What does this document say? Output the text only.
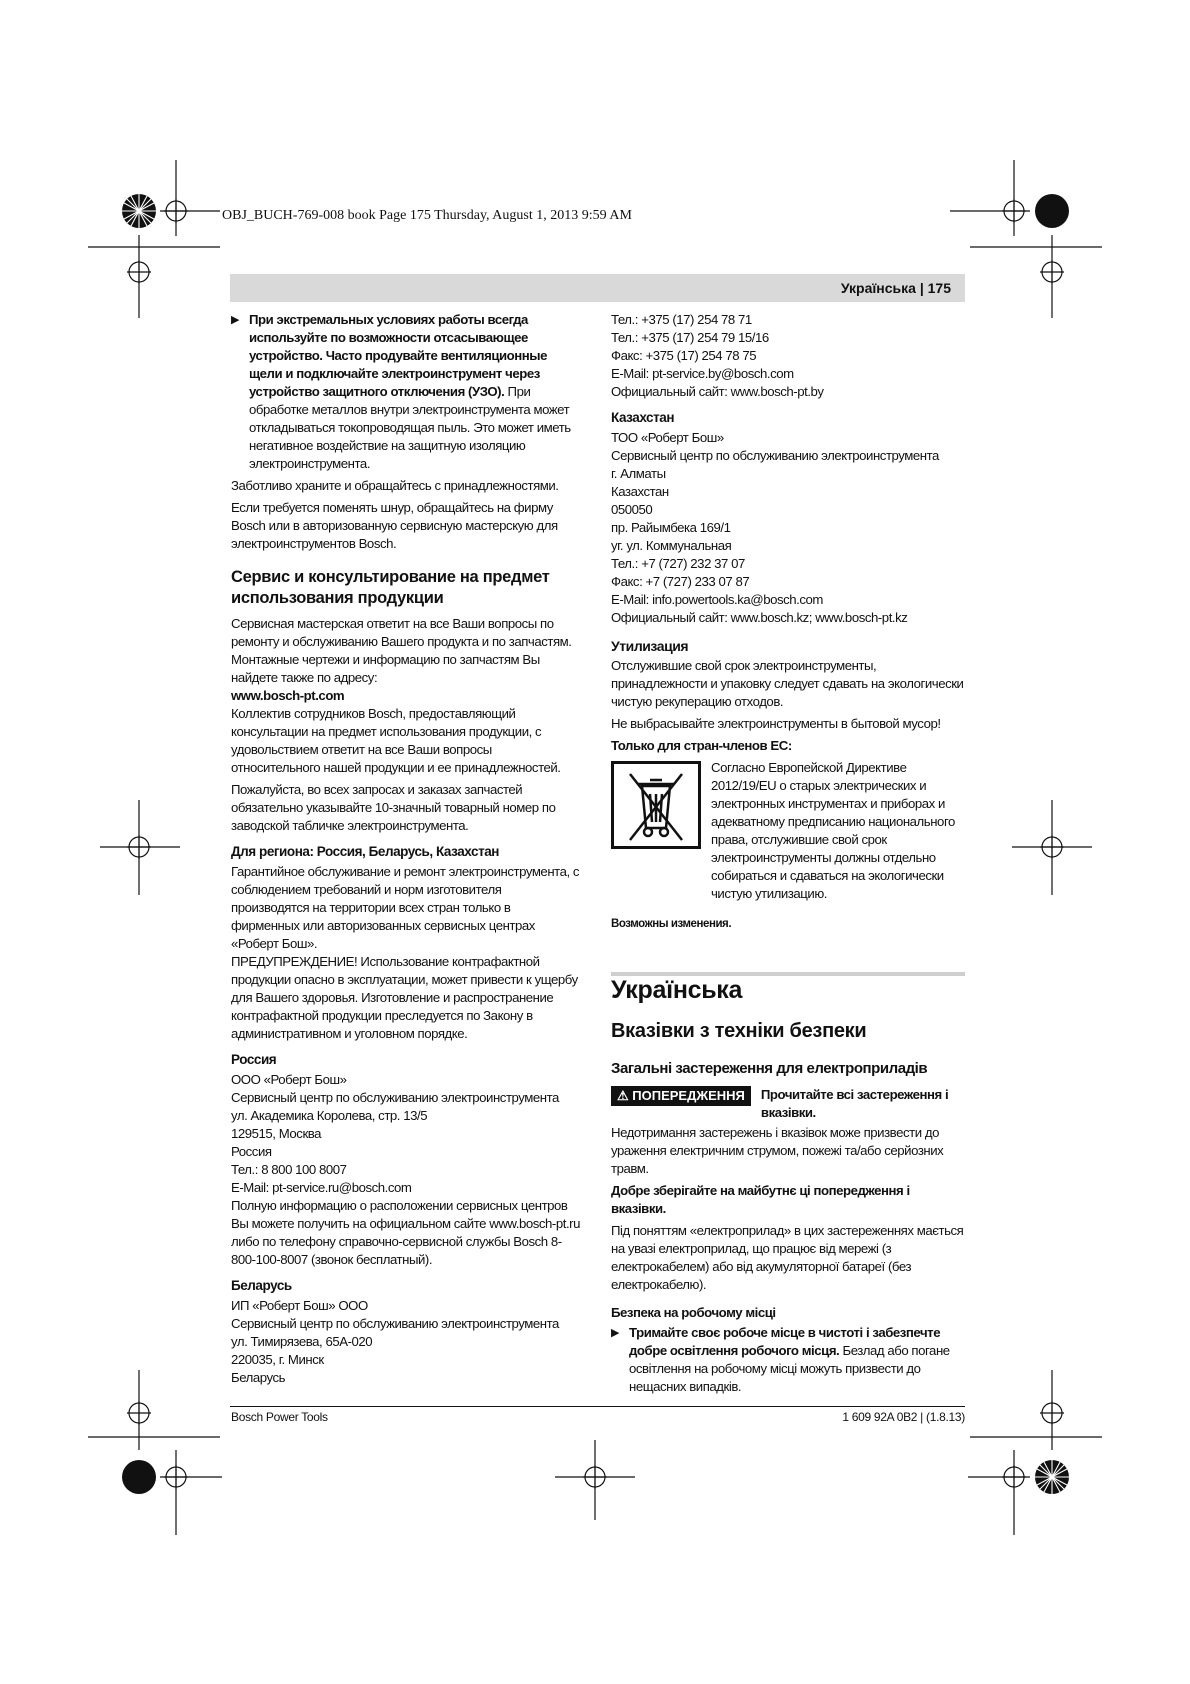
OBJ_BUCH-769-008 book Page 175 Thursday, August 1, 2013 9:59 AM
Українська | 175
▶ При экстремальных условиях работы всегда используйте по возможности отсасывающее устройство. Часто продувайте вентиляционные щели и подключайте электроинструмент через устройство защитного отключения (УЗО). При обработке металлов внутри электроинструмента может откладываться токопроводящая пыль. Это может иметь негативное воздействие на защитную изоляцию электроинструмента.

Заботливо храните и обращайтесь с принадлежностями.

Если требуется поменять шнур, обращайтесь на фирму Bosch или в авторизованную сервисную мастерскую для электроинструментов Bosch.

Сервис и консультирование на предмет использования продукции

Сервисная мастерская ответит на все Ваши вопросы по ремонту и обслуживанию Вашего продукта и по запчастям. Монтажные чертежи и информацию по запчастям Вы найдете также по адресу:

www.bosch-pt.com

Коллектив сотрудников Bosch, предоставляющий консультации на предмет использования продукции, с удовольствием ответит на все Ваши вопросы относительного нашей продукции и ее принадлежностей.

Пожалуйста, во всех запросах и заказах запчастей обязательно указывайте 10-значный товарный номер по заводской табличке электроинструмента.

Для региона: Россия, Беларусь, Казахстан

Гарантийное обслуживание и ремонт электроинструмента, с соблюдением требований и норм изготовителя производятся на территории всех стран только в фирменных или авторизованных сервисных центрах «Роберт Бош».

ПРЕДУПРЕЖДЕНИЕ! Использование контрафактной продукции опасно в эксплуатации, может привести к ущербу для Вашего здоровья. Изготовление и распространение контрафактной продукции преследуется по Закону в административном и уголовном порядке.

Россия
ООО «Роберт Бош»
Сервисный центр по обслуживанию электроинструмента
ул. Академика Королева, стр. 13/5
129515, Москва
Россия
Тел.: 8 800 100 8007
E-Mail: pt-service.ru@bosch.com

Полную информацию о расположении сервисных центров Вы можете получить на официальном сайте www.bosch-pt.ru либо по телефону справочно-сервисной службы Bosch 8-800-100-8007 (звонок бесплатный).

Беларусь
ИП «Роберт Бош» ООО
Сервисный центр по обслуживанию электроинструмента
ул. Тимирязева, 65А-020
220035, г. Минск
Беларусь
Тел.: +375 (17) 254 78 71
Тел.: +375 (17) 254 79 15/16
Факс: +375 (17) 254 78 75
E-Mail: pt-service.by@bosch.com
Официальный сайт: www.bosch-pt.by
Казахстан
ТОО «Роберт Бош»
Сервисный центр по обслуживанию электроинструмента
г. Алматы
Казахстан
050050
пр. Райымбека 169/1
уг. ул. Коммунальная
Тел.: +7 (727) 232 37 07
Факс: +7 (727) 233 07 87
E-Mail: info.powertools.ka@bosch.com
Официальный сайт: www.bosch.kz; www.bosch-pt.kz
Утилизация

Отслужившие свой срок электроинструменты, принадлежности и упаковку следует сдавать на экологически чистую рекуперацию отходов.

Не выбрасывайте электроинструменты в бытовой мусор!

Только для стран-членов ЕС:
Согласно Европейской Директиве 2012/19/EU о старых электрических и электронных инструментах и приборах и адекватному предписанию национального права, отслужившие свой срок электроинструменты должны отдельно собираться и сдаваться на экологически чистую утилизацию.
Возможны изменения.
Українська
Вказівки з техніки безпеки
Загальні застереження для електроприладів
⚠ ПОПЕРЕДЖЕННЯ	Прочитайте всі застереження і вказівки.

Недотримання застережень і вказівок може призвести до ураження електричним струмом, пожежі та/або серйозних травм.

Добре зберігайте на майбутнє ці попередження і вказівки.

Під поняттям «електроприлад» в цих застереженнях мається на увазі електроприлад, що працює від мережі (з електрокабелем) або від акумуляторної батареї (без електрокабелю).

Безпека на робочому місці
▶ Тримайте своє робоче місце в чистоті і забезпечте добре освітлення робочого місця. Безлад або погане освітлення на робочому місці можуть призвести до нещасних випадків.
Bosch Power Tools	1 609 92A 0B2 | (1.8.13)
